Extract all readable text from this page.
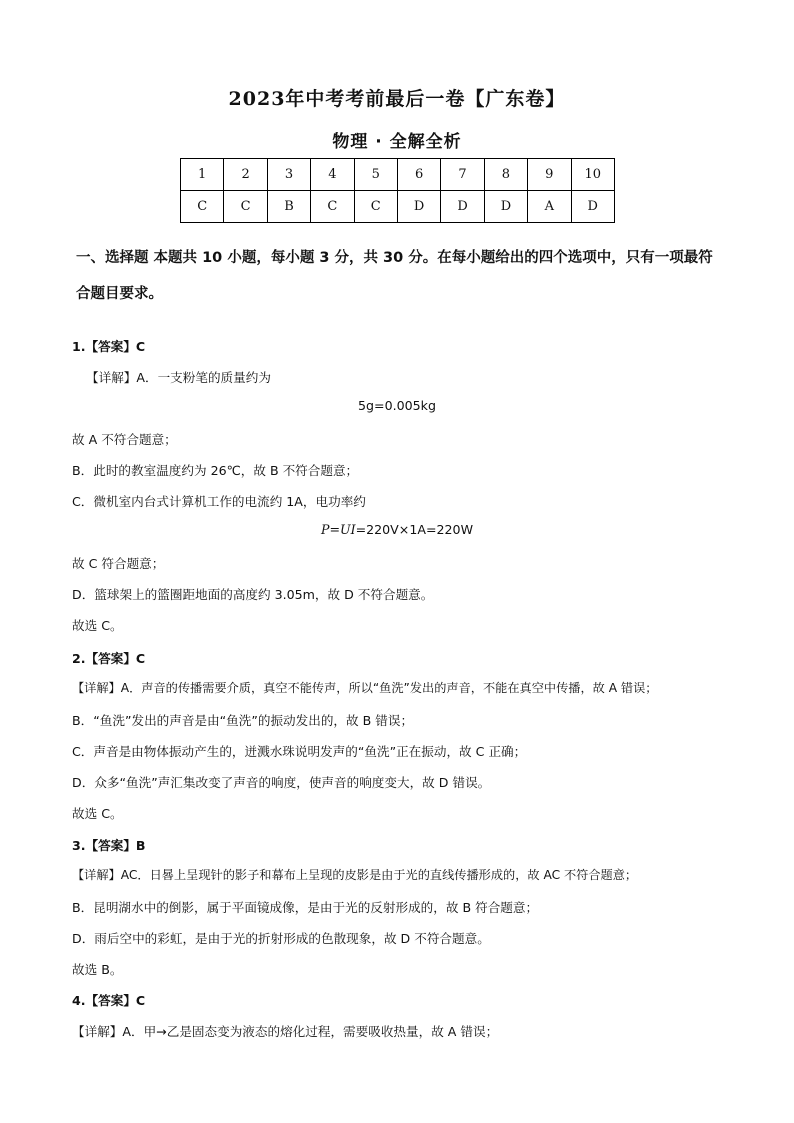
2023年中考考前最后一卷【广东卷】
物理 · 全解全析
1	2	3	4	5	6	7	8	9	10
C	C	B	C	C	D	D	D	A	D
一、选择题 本题共 10 小题，每小题 3 分，共 30 分。在每小题给出的四个选项中，只有一项最符合题目要求。
1.【答案】C
【详解】A．一支粉笔的质量约为
5g=0.005kg
故 A 不符合题意；
B．此时的教室温度约为 26℃，故 B 不符合题意；
C．微机室内台式计算机工作的电流约 1A，电功率约
P=UI=220V×1A=220W
故 C 符合题意；
D．篮球架上的篮圈距地面的高度约 3.05m，故 D 不符合题意。
故选 C。
2.【答案】C
【详解】A．声音的传播需要介质，真空不能传声，所以“鱼洗”发出的声音，不能在真空中传播，故 A 错误；
B．“鱼洗”发出的声音是由“鱼洗”的振动发出的，故 B 错误；
C．声音是由物体振动产生的，迸溅水珠说明发声的“鱼洗”正在振动，故 C 正确；
D．众多“鱼洗”声汇集改变了声音的响度，使声音的响度变大，故 D 错误。
故选 C。
3.【答案】B
【详解】AC．日晷上呈现针的影子和幕布上呈现的皮影是由于光的直线传播形成的，故 AC 不符合题意；
B．昆明湖水中的倒影，属于平面镜成像，是由于光的反射形成的，故 B 符合题意；
D．雨后空中的彩虹，是由于光的折射形成的色散现象，故 D 不符合题意。
故选 B。
4.【答案】C
【详解】A．甲→乙是固态变为液态的熔化过程，需要吸收热量，故 A 错误；
